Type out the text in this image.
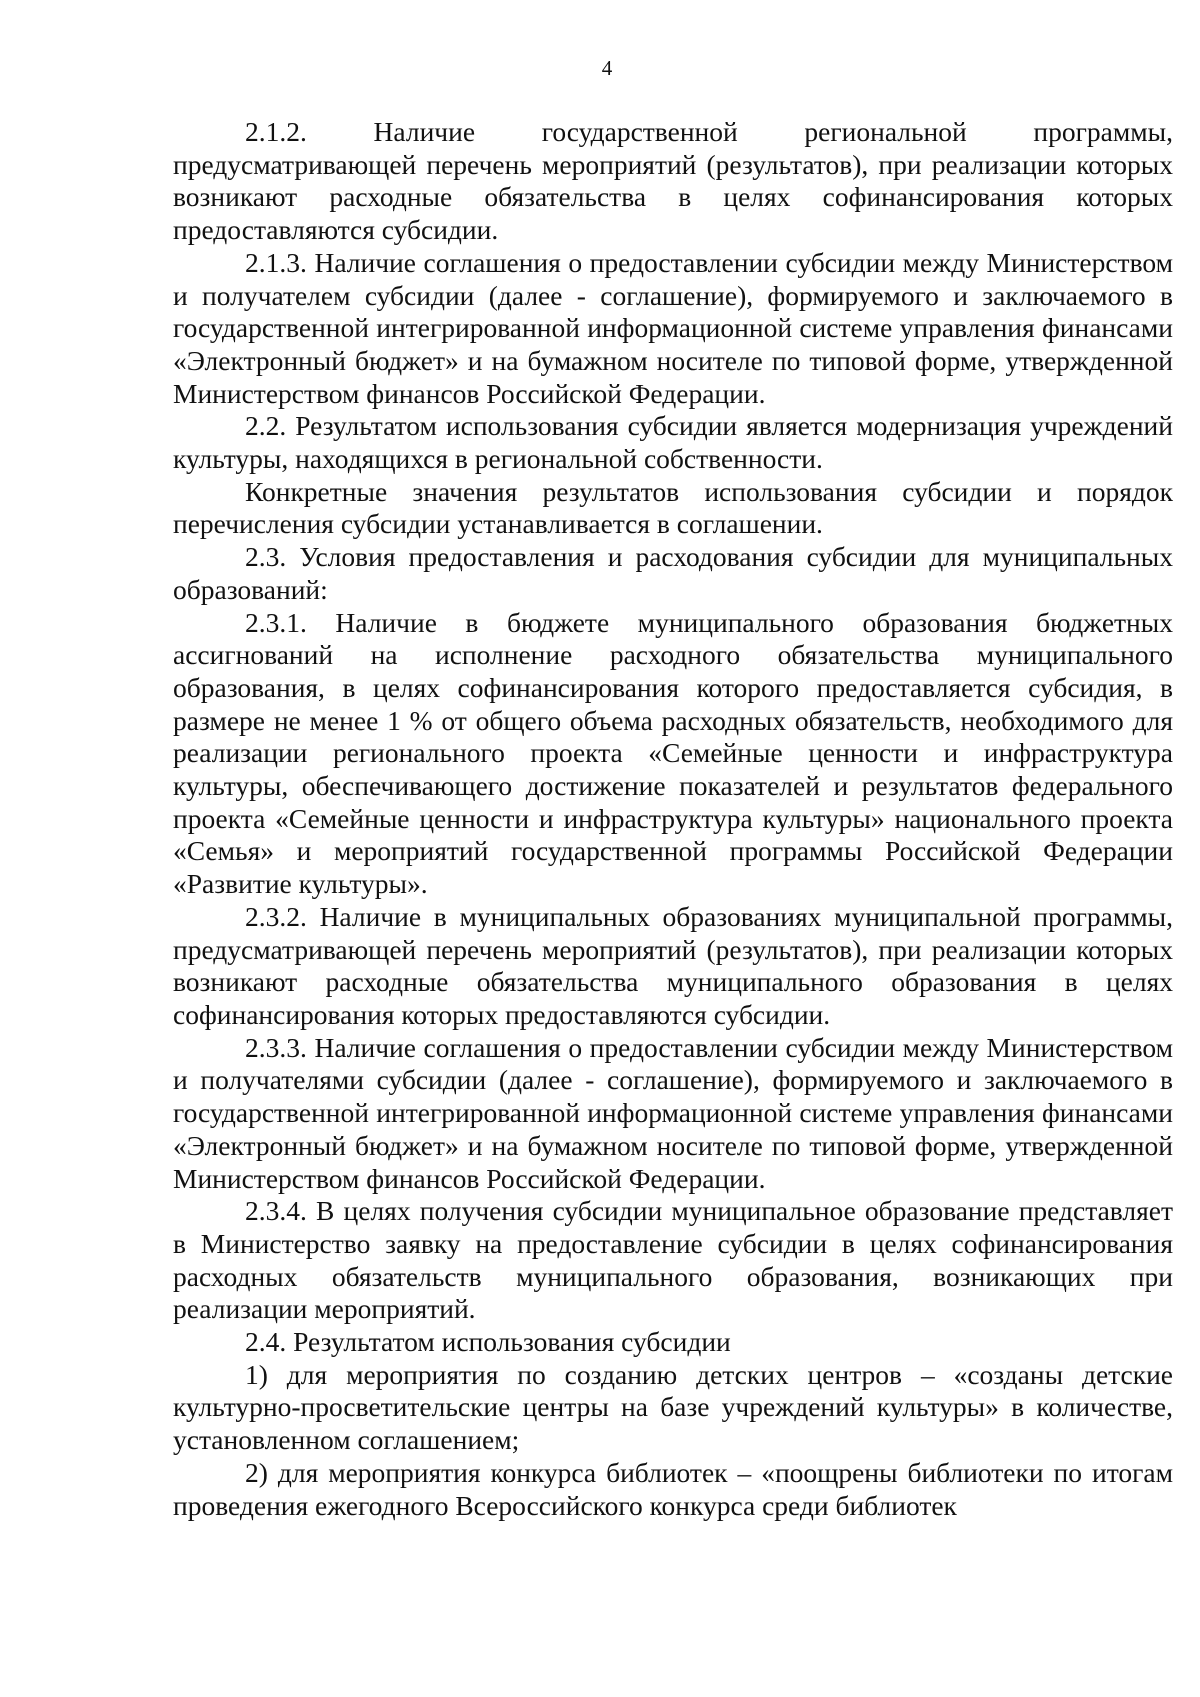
4

2.1.2. Наличие государственной региональной программы, предусматривающей перечень мероприятий (результатов), при реализации которых возникают расходные обязательства в целях софинансирования которых предоставляются субсидии.

2.1.3. Наличие соглашения о предоставлении субсидии между Министерством и получателем субсидии (далее - соглашение), формируемого и заключаемого в государственной интегрированной информационной системе управления финансами «Электронный бюджет» и на бумажном носителе по типовой форме, утвержденной Министерством финансов Российской Федерации.

2.2. Результатом использования субсидии является модернизация учреждений культуры, находящихся в региональной собственности.

Конкретные значения результатов использования субсидии и порядок перечисления субсидии устанавливается в соглашении.

2.3. Условия предоставления и расходования субсидии для муниципальных образований:

2.3.1. Наличие в бюджете муниципального образования бюджетных ассигнований на исполнение расходного обязательства муниципального образования, в целях софинансирования которого предоставляется субсидия, в размере не менее 1 % от общего объема расходных обязательств, необходимого для реализации регионального проекта «Семейные ценности и инфраструктура культуры, обеспечивающего достижение показателей и результатов федерального проекта «Семейные ценности и инфраструктура культуры» национального проекта «Семья» и мероприятий государственной программы Российской Федерации «Развитие культуры».

2.3.2. Наличие в муниципальных образованиях муниципальной программы, предусматривающей перечень мероприятий (результатов), при реализации которых возникают расходные обязательства муниципального образования в целях софинансирования которых предоставляются субсидии.

2.3.3. Наличие соглашения о предоставлении субсидии между Министерством и получателями субсидии (далее - соглашение), формируемого и заключаемого в государственной интегрированной информационной системе управления финансами «Электронный бюджет» и на бумажном носителе по типовой форме, утвержденной Министерством финансов Российской Федерации.

2.3.4. В целях получения субсидии муниципальное образование представляет в Министерство заявку на предоставление субсидии в целях софинансирования расходных обязательств муниципального образования, возникающих при реализации мероприятий.

2.4. Результатом использования субсидии

1) для мероприятия по созданию детских центров – «созданы детские культурно-просветительские центры на базе учреждений культуры» в количестве, установленном соглашением;

2) для мероприятия конкурса библиотек – «поощрены библиотеки по итогам проведения ежегодного Всероссийского конкурса среди библиотек
